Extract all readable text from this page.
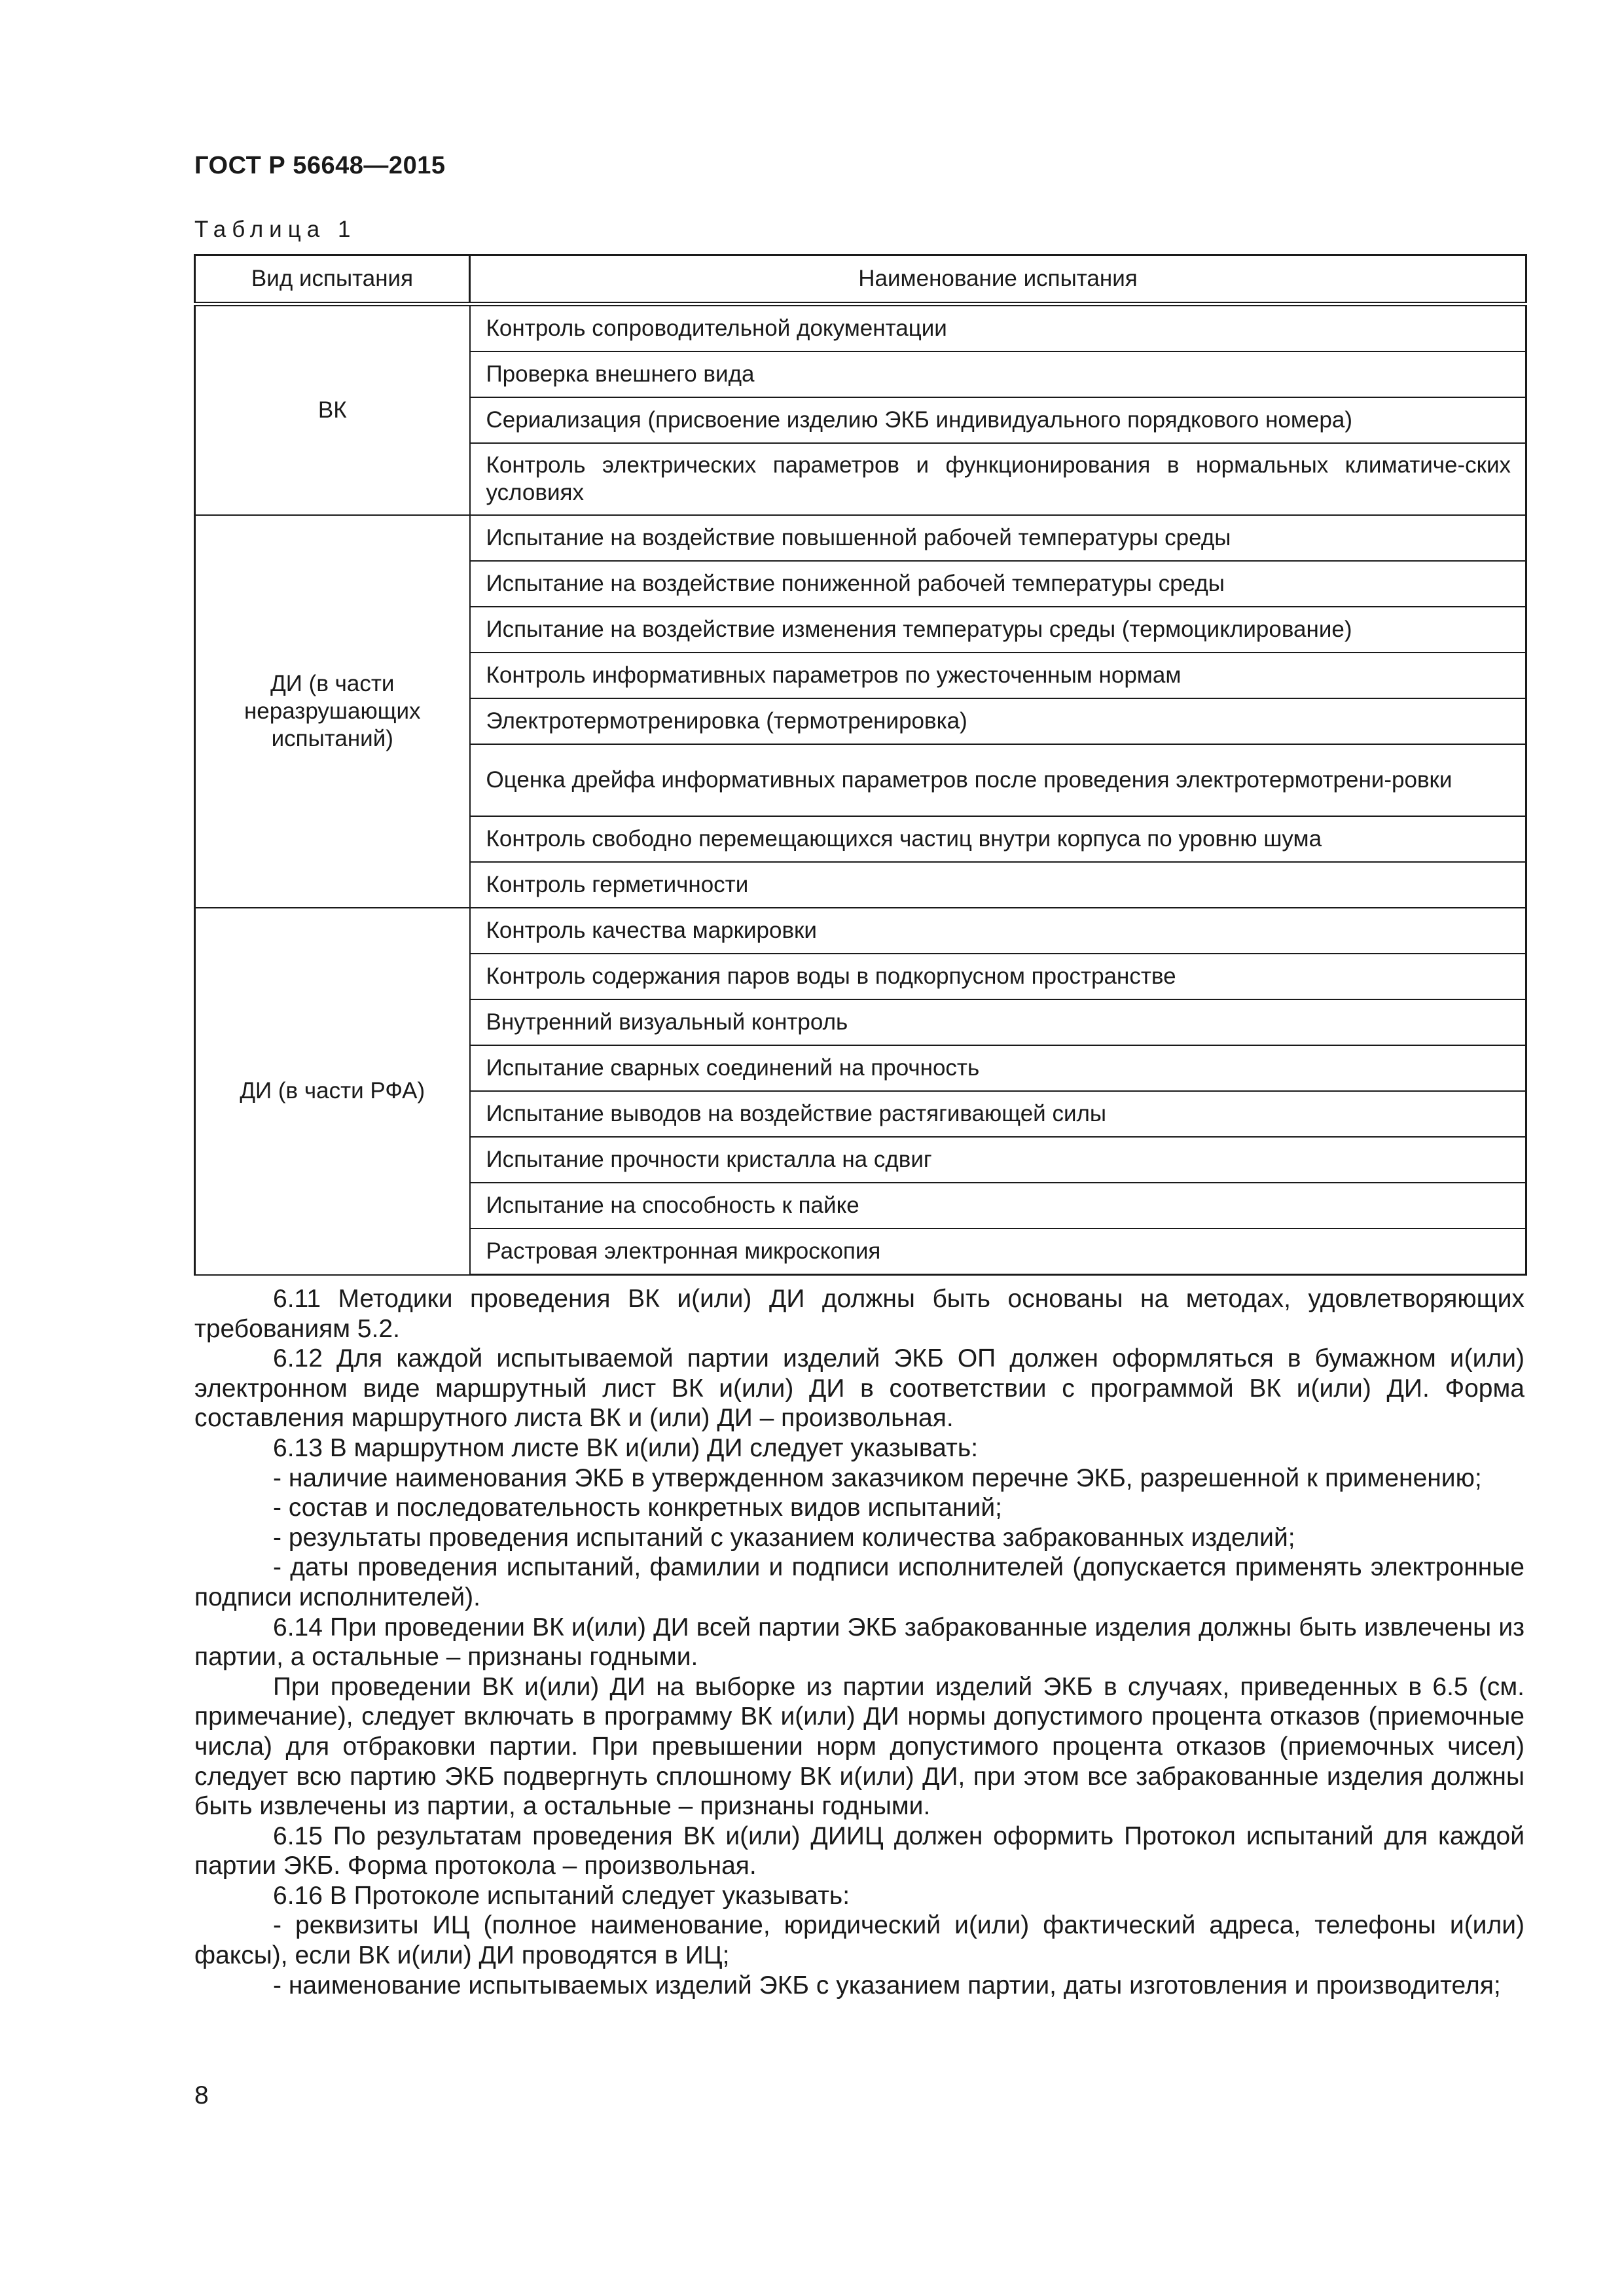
ГОСТ Р 56648—2015
Таблица 1
Вид испытания	Наименование испытания
ВК	Контроль сопроводительной документации
	Проверка внешнего вида
	Сериализация (присвоение изделию ЭКБ индивидуального порядкового номера)
	Контроль электрических параметров и функционирования в нормальных климатиче-ских условиях
ДИ (в части неразрушающих испытаний)	Испытание на воздействие повышенной рабочей температуры среды
	Испытание на воздействие пониженной рабочей температуры среды
	Испытание на воздействие изменения температуры среды (термоциклирование)
	Контроль информативных параметров по ужесточенным нормам
	Электротермотренировка (термотренировка)
	Оценка дрейфа информативных параметров после проведения электротермотрени-ровки
	Контроль свободно перемещающихся частиц внутри корпуса по уровню шума
	Контроль герметичности
ДИ (в части РФА)	Контроль качества маркировки
	Контроль содержания паров воды в подкорпусном пространстве
	Внутренний визуальный контроль
	Испытание сварных соединений на прочность
	Испытание выводов на воздействие растягивающей силы
	Испытание прочности кристалла на сдвиг
	Испытание на способность к пайке
	Растровая электронная микроскопия

6.11 Методики проведения ВК и(или) ДИ должны быть основаны на методах, удовлетворяющих требованиям 5.2.

6.12 Для каждой испытываемой партии изделий ЭКБ ОП должен оформляться в бумажном и(или) электронном виде маршрутный лист ВК и(или) ДИ в соответствии с программой ВК и(или) ДИ. Форма составления маршрутного листа ВК и (или) ДИ – произвольная.

6.13 В маршрутном листе ВК и(или) ДИ следует указывать:

- наличие наименования ЭКБ в утвержденном заказчиком перечне ЭКБ, разрешенной к применению;

- состав и последовательность конкретных видов испытаний;

- результаты проведения испытаний с указанием количества забракованных изделий;

- даты проведения испытаний, фамилии и подписи исполнителей (допускается применять электронные подписи исполнителей).

6.14 При проведении ВК и(или) ДИ всей партии ЭКБ забракованные изделия должны быть извлечены из партии, а остальные – признаны годными.

При проведении ВК и(или) ДИ на выборке из партии изделий ЭКБ в случаях, приведенных в 6.5 (см. примечание), следует включать в программу ВК и(или) ДИ нормы допустимого процента отказов (приемочные числа) для отбраковки партии. При превышении норм допустимого процента отказов (приемочных чисел) следует всю партию ЭКБ подвергнуть сплошному ВК и(или) ДИ, при этом все забракованные изделия должны быть извлечены из партии, а остальные – признаны годными.

6.15 По результатам проведения ВК и(или) ДИИЦ должен оформить Протокол испытаний для каждой партии ЭКБ. Форма протокола – произвольная.

6.16 В Протоколе испытаний следует указывать:

- реквизиты ИЦ (полное наименование, юридический и(или) фактический адреса, телефоны и(или) факсы), если ВК и(или) ДИ проводятся в ИЦ;

- наименование испытываемых изделий ЭКБ с указанием партии, даты изготовления и производителя;

8
